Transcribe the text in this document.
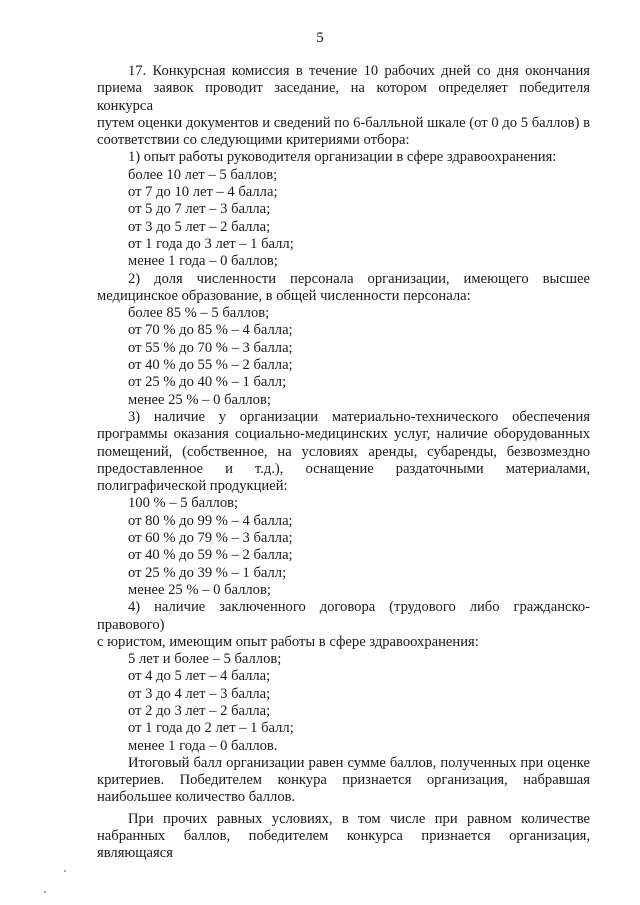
5
17. Конкурсная комиссия в течение 10 рабочих дней со дня окончания
приема заявок проводит заседание, на котором определяет победителя конкурса
путем оценки документов и сведений по 6-балльной шкале (от 0 до 5 баллов) в
соответствии со следующими критериями отбора:
1) опыт работы руководителя организации в сфере здравоохранения:
более 10 лет – 5 баллов;
от 7 до 10 лет – 4 балла;
от 5 до 7 лет – 3 балла;
от 3 до 5 лет – 2 балла;
от 1 года до 3 лет – 1 балл;
менее 1 года – 0 баллов;
2) доля численности персонала организации, имеющего высшее
медицинское образование, в общей численности персонала:
более 85 % – 5 баллов;
от 70 % до 85 % – 4 балла;
от 55 % до 70 % – 3 балла;
от 40 % до 55 % – 2 балла;
от 25 % до 40 % – 1 балл;
менее 25 % – 0 баллов;
3) наличие у организации материально-технического обеспечения
программы оказания социально-медицинских услуг, наличие оборудованных
помещений, (собственное, на условиях аренды, субаренды, безвозмездно
предоставленное и т.д.), оснащение раздаточными материалами,
полиграфической продукцией:
100 % – 5 баллов;
от 80 % до 99 % – 4 балла;
от 60 % до 79 % – 3 балла;
от 40 % до 59 % – 2 балла;
от 25 % до 39 % – 1 балл;
менее 25 % – 0 баллов;
4) наличие заключенного договора (трудового либо гражданско-правового)
с юристом, имеющим опыт работы в сфере здравоохранения:
5 лет и более – 5 баллов;
от 4 до 5 лет – 4 балла;
от 3 до 4 лет – 3 балла;
от 2 до 3 лет – 2 балла;
от 1 года до 2 лет – 1 балл;
менее 1 года – 0 баллов.
Итоговый балл организации равен сумме баллов, полученных при оценке
критериев. Победителем конкура признается организация, набравшая
наибольшее количество баллов.
При прочих равных условиях, в том числе при равном количестве
набранных баллов, победителем конкурса признается организация, являющаяся
